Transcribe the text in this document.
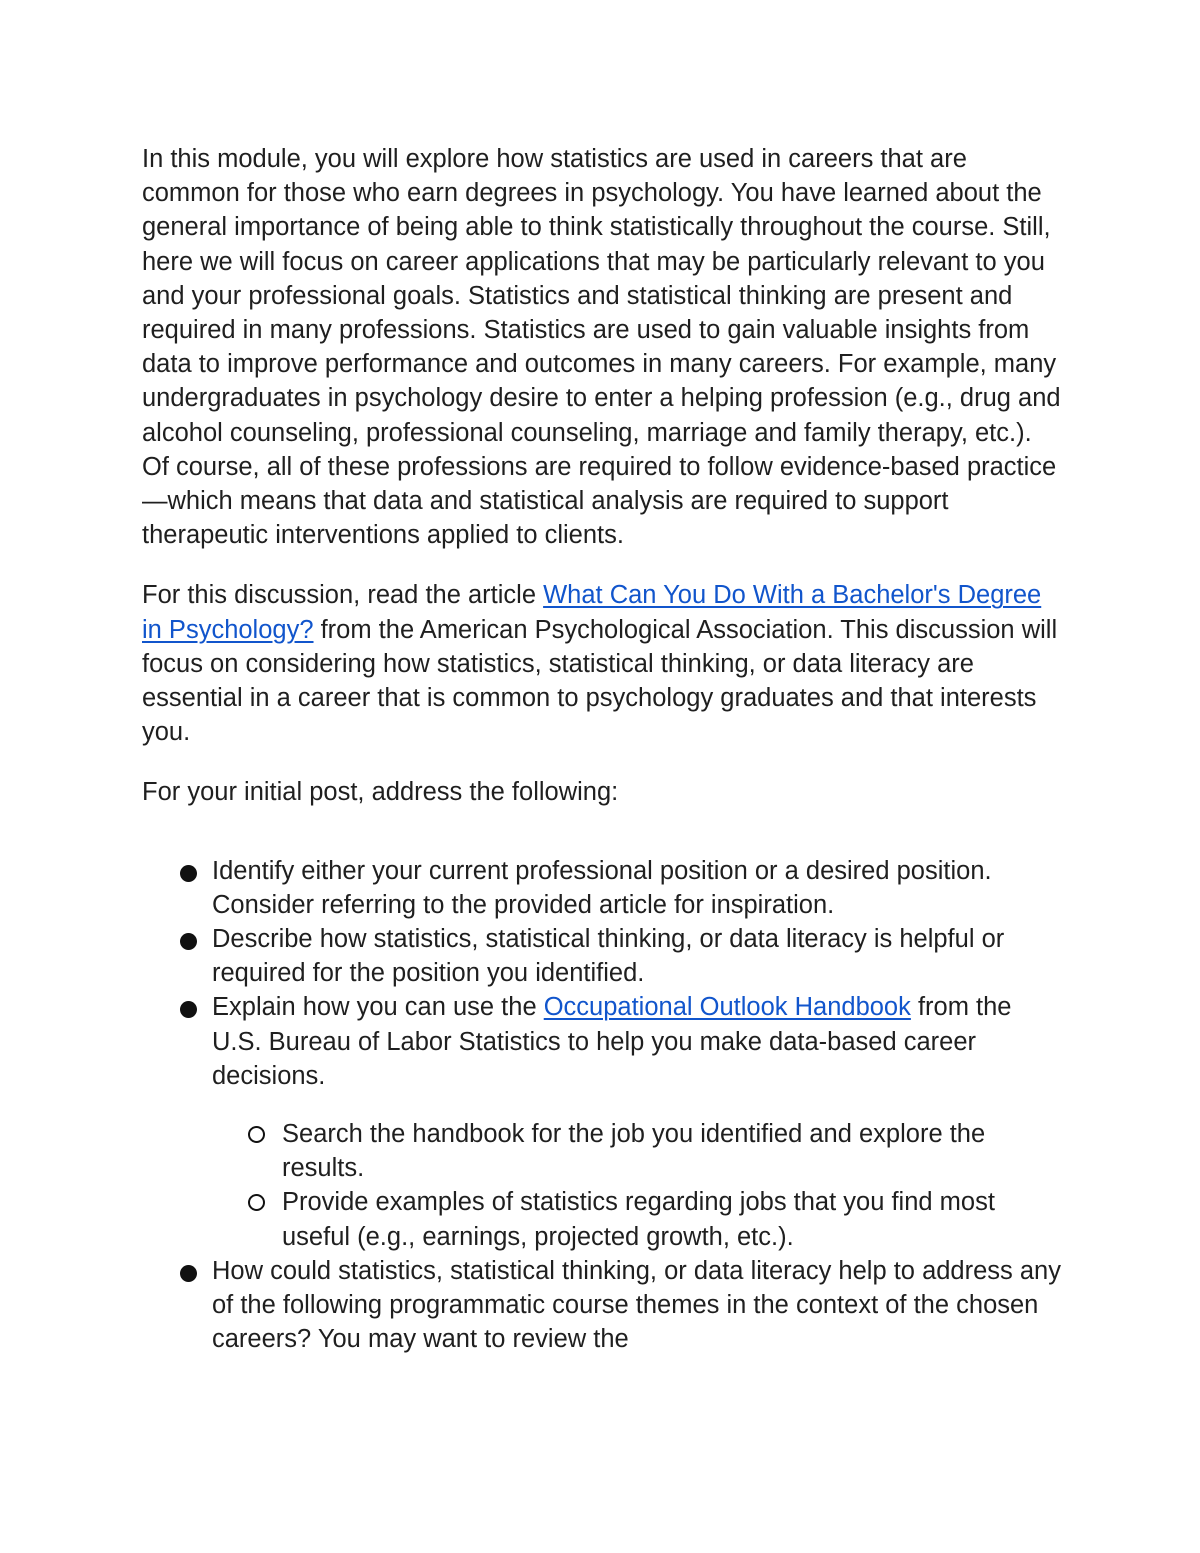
In this module, you will explore how statistics are used in careers that are common for those who earn degrees in psychology. You have learned about the general importance of being able to think statistically throughout the course. Still, here we will focus on career applications that may be particularly relevant to you and your professional goals. Statistics and statistical thinking are present and required in many professions. Statistics are used to gain valuable insights from data to improve performance and outcomes in many careers. For example, many undergraduates in psychology desire to enter a helping profession (e.g., drug and alcohol counseling, professional counseling, marriage and family therapy, etc.). Of course, all of these professions are required to follow evidence-based practice—which means that data and statistical analysis are required to support therapeutic interventions applied to clients.

For this discussion, read the article What Can You Do With a Bachelor's Degree in Psychology? from the American Psychological Association. This discussion will focus on considering how statistics, statistical thinking, or data literacy are essential in a career that is common to psychology graduates and that interests you.

For your initial post, address the following:

Identify either your current professional position or a desired position. Consider referring to the provided article for inspiration.
Describe how statistics, statistical thinking, or data literacy is helpful or required for the position you identified.
Explain how you can use the Occupational Outlook Handbook from the U.S. Bureau of Labor Statistics to help you make data-based career decisions.
Search the handbook for the job you identified and explore the results.
Provide examples of statistics regarding jobs that you find most useful (e.g., earnings, projected growth, etc.).
How could statistics, statistical thinking, or data literacy help to address any of the following programmatic course themes in the context of the chosen careers? You may want to review the
